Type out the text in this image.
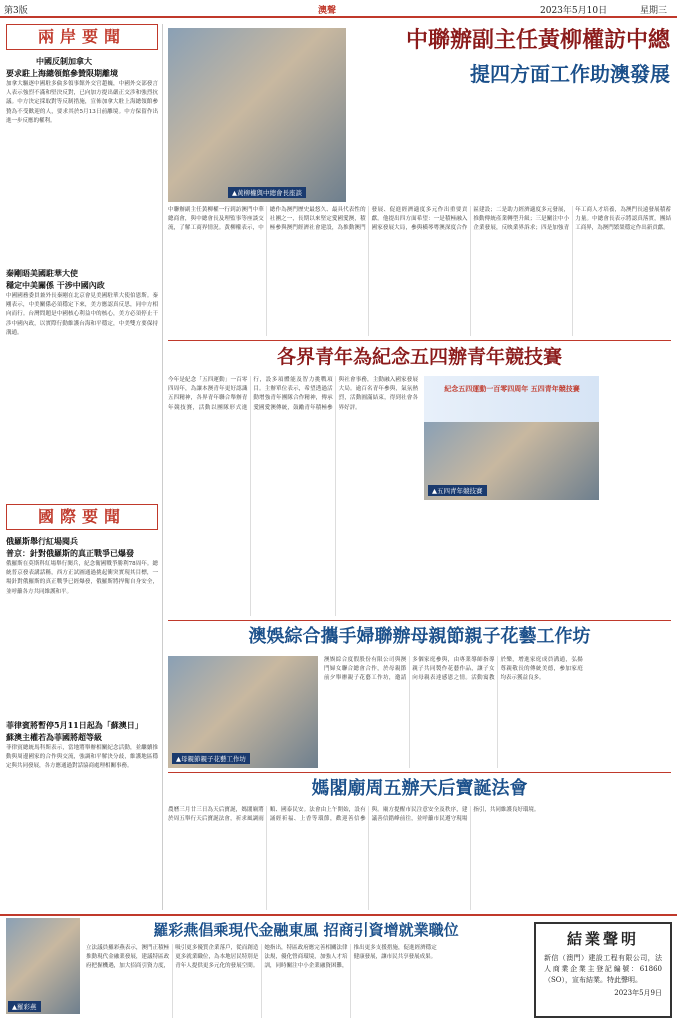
第3版	澳聲	2023年5月10日	星期三
兩岸要聞
中國反制加拿大
要求駐上海總領館參贊限期離境
加拿大驅逐中國駐多倫多領事館外交官趙巍，中國外交部發言人表示強烈不滿和堅決反對，已向加方提出嚴正交涉和強烈抗議。中方決定採取對等反制措施，宣佈加拿大駐上海總領館參贊為不受歡迎的人，要求其於5月13日前離境。中方保留作出進一步反應的權利。
秦剛晤美國駐華大使
穩定中美關係 干涉中國內政
中國國務委員兼外長秦剛在北京會見美國駐華大使伯恩斯。秦剛表示，中美關係必須穩定下來，美方應認真反思，同中方相向而行。台灣問題是中國核心利益中的核心，美方必須停止干涉中國內政，以實際行動維護台海和平穩定，中美雙方要保持溝通。
國際要聞
俄羅斯舉行紅場閱兵
普京：針對俄羅斯的真正戰爭已爆發
俄羅斯在莫斯科紅場舉行閱兵，紀念衛國戰爭勝利78周年。總統普京發表講話稱，西方正試圖通過挑起衝突實現其目標，一場針對俄羅斯的真正戰爭已經爆發，俄羅斯將捍衛自身安全，並呼籲各方共同維護和平。
菲律賓將暫停5月11日起為「蘇澳日」
蘇澳主權若為菲國將超等級
菲律賓總統馬科斯表示，當地將舉辦相關紀念活動，並繼續推動與周邊國家的合作與交流，強調和平解決分歧，維護地區穩定與共同發展，各方應通過對話協商處理相關事務。
中聯辦副主任黃柳權訪中總
提四方面工作助澳發展
▲黃柳權與中總會長座談
中聯辦副主任黃柳權一行到訪澳門中華總商會，與中總會長及理監事等座談交流，了解工商界情況。黃柳權表示，中總作為澳門歷史最悠久、最具代表性的社團之一，長期以來堅定愛國愛澳，積極參與澳門經濟社會建設，為推動澳門發展、促進經濟適度多元作出重要貢獻。他提出四方面希望：一是積極融入國家發展大局，參與橫琴粵澳深度合作區建設；二是助力經濟適度多元發展，推動傳統產業轉型升級；三是關注中小企業發展，反映業界訴求；四是加強青年工商人才培養，為澳門長遠發展積蓄力量。中總會長表示將認真落實，團結工商界，為澳門繁榮穩定作出新貢獻。
各界青年為紀念五四辦青年競技賽
今年是紀念「五四運動」一百零四周年，為讓本澳青年更好認識五四精神，各界青年聯合舉辦青年競技賽，活動以團隊形式進行，設多項體能及智力挑戰項目。主辦單位表示，希望透過活動增強青年團隊合作精神，傳承愛國愛澳傳統，鼓勵青年積極參與社會事務，主動融入國家發展大局。逾百名青年參與，氣氛熱烈，活動圓滿結束，得到社會各界好評。
紀念五四運動一百零四周年 五四青年競技賽
▲五四青年競技賽
澳娛綜合攜手婦聯辦母親節親子花藝工作坊
▲母親節親子花藝工作坊
澳娛綜合度假股份有限公司與澳門婦女聯合總會合作，於母親節前夕舉辦親子花藝工作坊，邀請多個家庭參與，由專業導師指導親子共同製作花藝作品，讓子女向母親表達感恩之情。活動寓教於樂，增進家庭成員溝通，弘揚尊親敬長的傳統美德，參加家庭均表示獲益良多。
媽閣廟周五辦天后寶誕法會
農曆三月廿三日為天后寶誕，媽閣廟將於周五舉行天后寶誕法會，祈求風調雨順、國泰民安。法會由上午開始，設有誦經祈福、上香等環節，歡迎善信參與。廟方提醒市民注意安全及秩序，建議善信錯峰前往，並呼籲市民遵守現場指引，共同維護良好環境。
羅彩燕倡乘現代金融東風 招商引資增就業職位
▲羅彩燕
立法議員羅彩燕表示，澳門正積極推動現代金融業發展，建議特區政府把握機遇，加大招商引資力度，吸引更多優質企業落戶，從而創造更多就業職位，為本地居民特別是青年人提供更多元化的發展空間。她指出，特區政府應完善相關法律法規，優化營商環境，加強人才培訓，同時關注中小企業融資困難，推出更多支援措施，促進經濟穩定健康發展，讓市民共享發展成果。
結業聲明
新信（澳門）建設工程有限公司，法人商業企業主登記編號：61860（SO），宣布結業。特此聲明。
2023年5月9日
